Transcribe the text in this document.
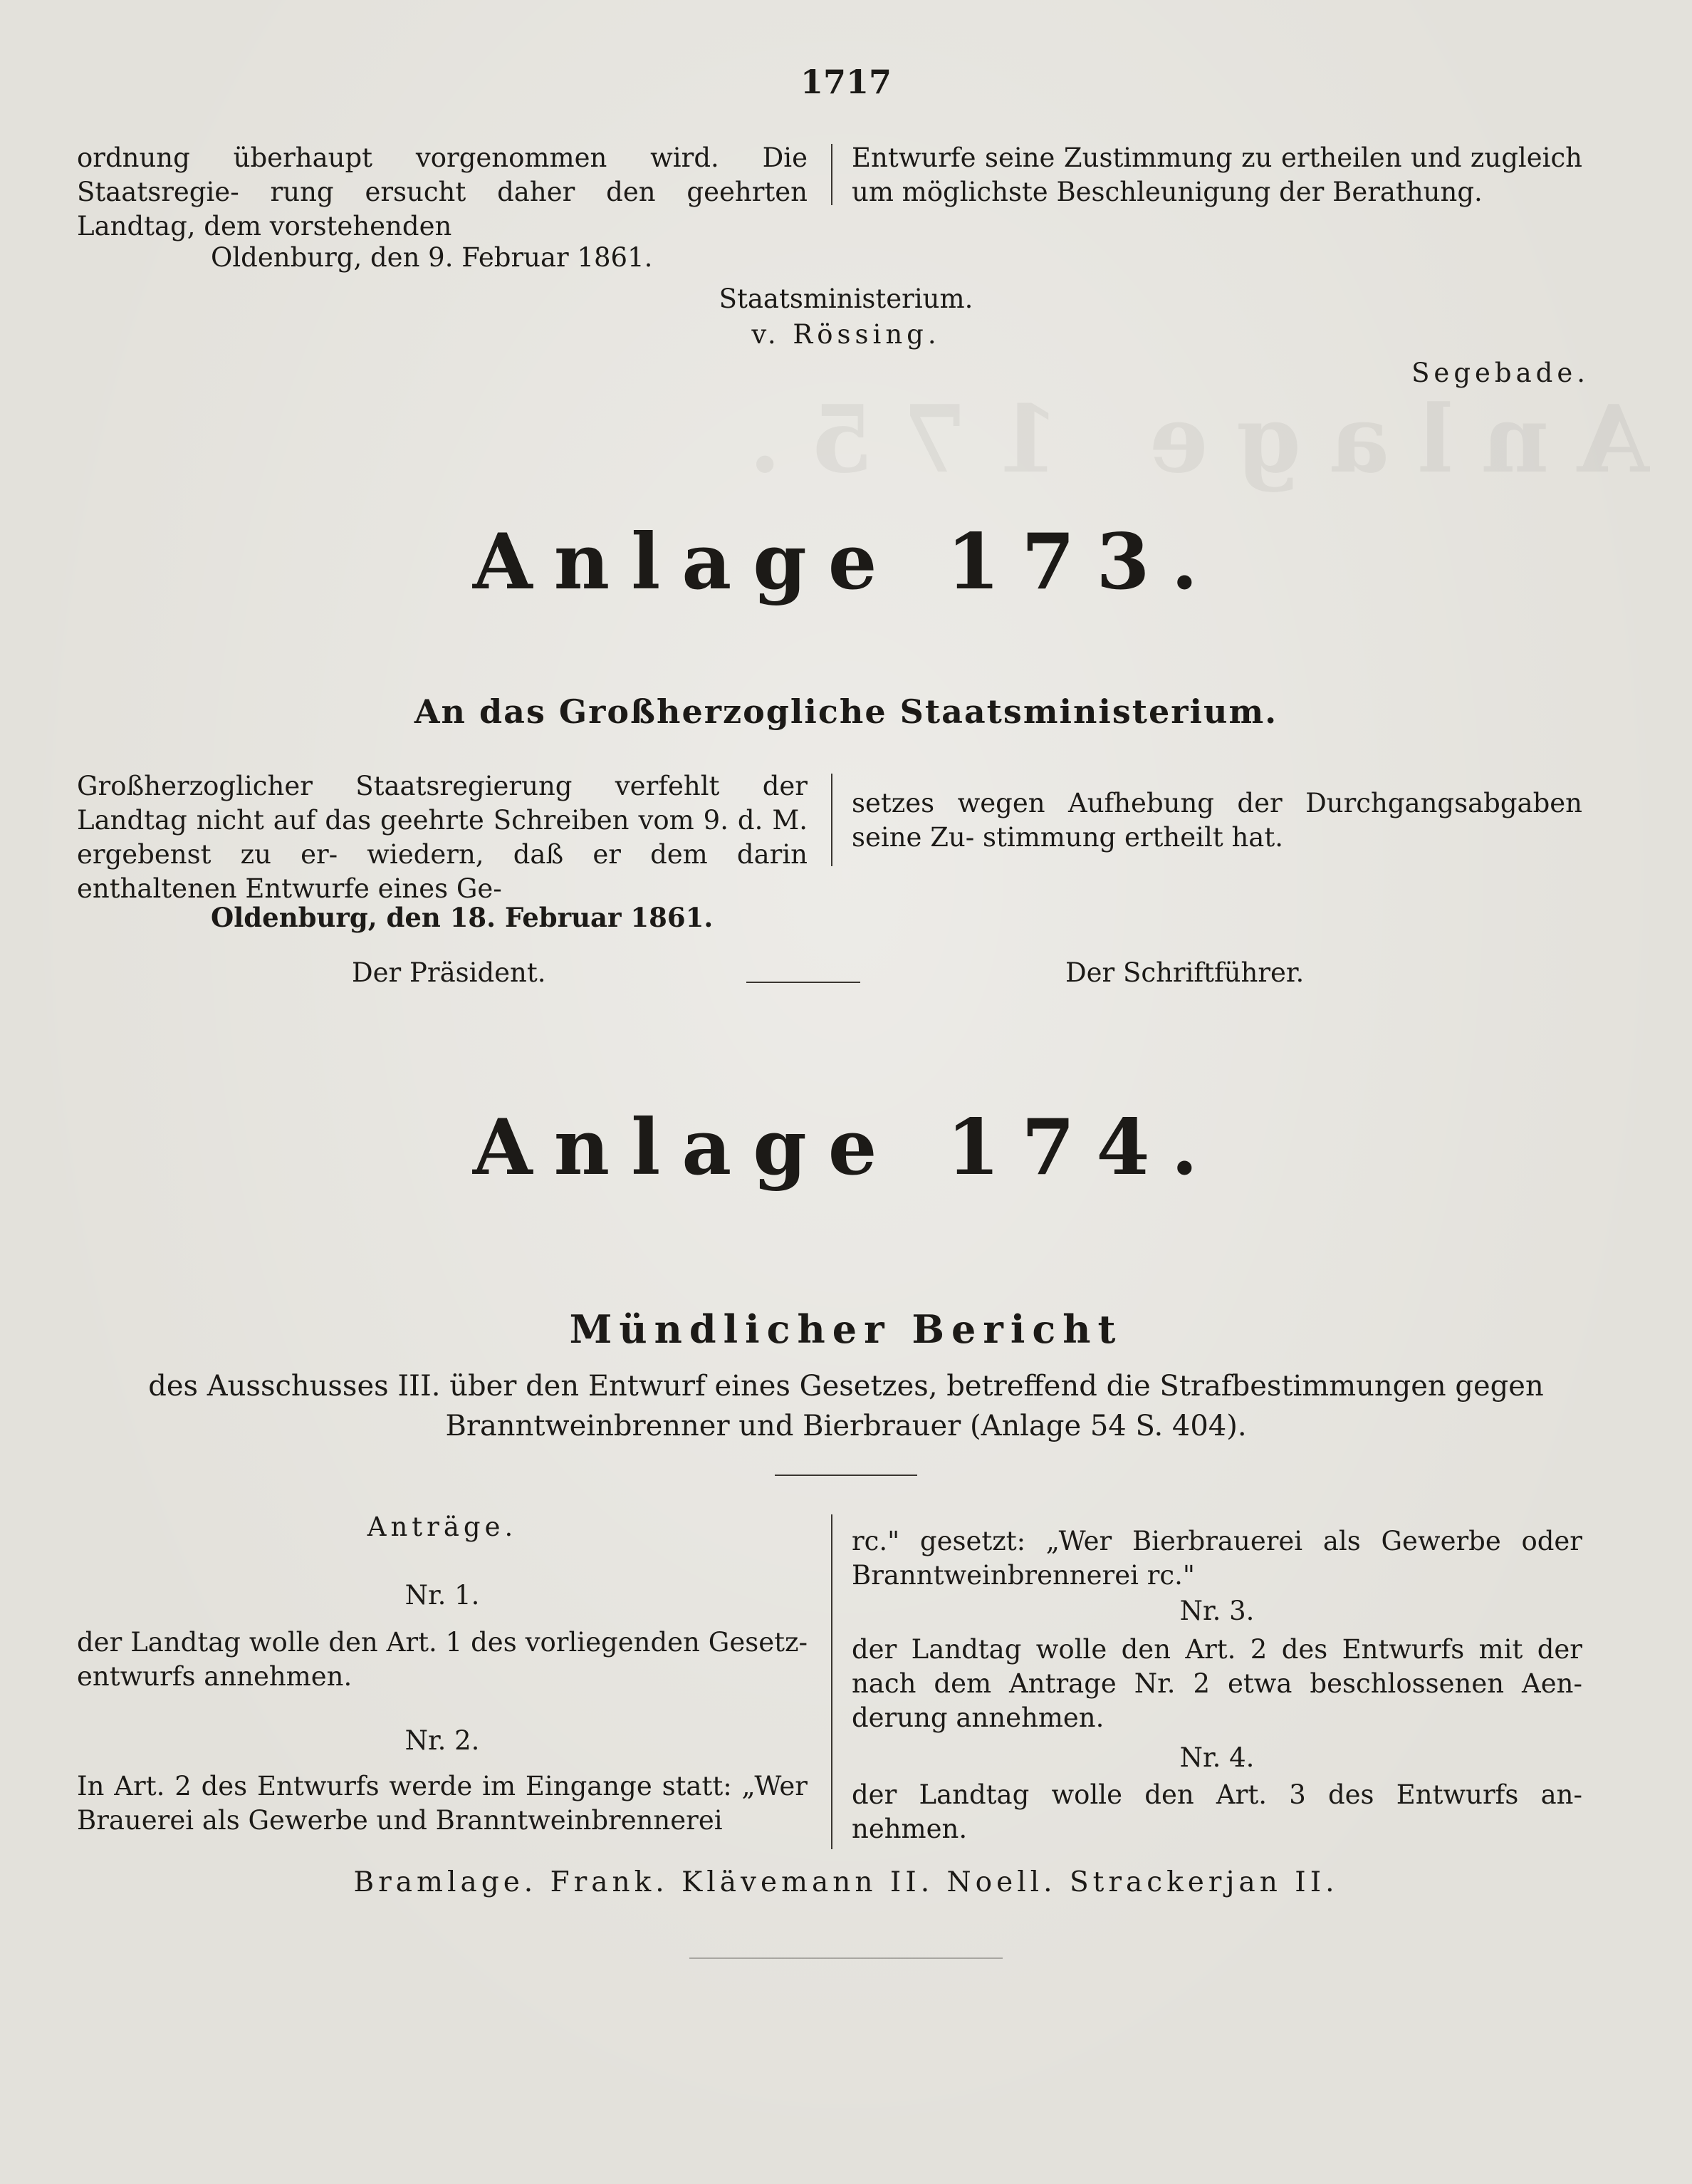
Anlage 175.
1717
ordnung überhaupt vorgenommen wird. Die Staatsregie- rung ersucht daher den geehrten Landtag, dem vorstehenden
Entwurfe seine Zustimmung zu ertheilen und zugleich um möglichste Beschleunigung der Berathung.
Oldenburg, den 9. Februar 1861.
Staatsministerium.
v. Rössing.
Segebade.
Anlage 173.
An das Großherzogliche Staatsministerium.
Großherzoglicher Staatsregierung verfehlt der Landtag nicht auf das geehrte Schreiben vom 9. d. M. ergebenst zu er- wiedern, daß er dem darin enthaltenen Entwurfe eines Ge-
setzes wegen Aufhebung der Durchgangsabgaben seine Zu- stimmung ertheilt hat.
Oldenburg, den 18. Februar 1861.
Der Präsident.	Der Schriftführer.
Anlage 174.
Mündlicher Bericht
des Ausschusses III. über den Entwurf eines Gesetzes, betreffend die Strafbestimmungen gegen Branntweinbrenner und Bierbrauer (Anlage 54 S. 404).
Anträge.
Nr. 1.
der Landtag wolle den Art. 1 des vorliegenden Gesetz- entwurfs annehmen.
Nr. 2.
In Art. 2 des Entwurfs werde im Eingange statt: „Wer Brauerei als Gewerbe und Branntweinbrennerei
rc." gesetzt: „Wer Bierbrauerei als Gewerbe oder Branntweinbrennerei rc."
Nr. 3.
der Landtag wolle den Art. 2 des Entwurfs mit der nach dem Antrage Nr. 2 etwa beschlossenen Aen- derung annehmen.
Nr. 4.
der Landtag wolle den Art. 3 des Entwurfs an- nehmen.
Bramlage. Frank. Klävemann II. Noell. Strackerjan II.
